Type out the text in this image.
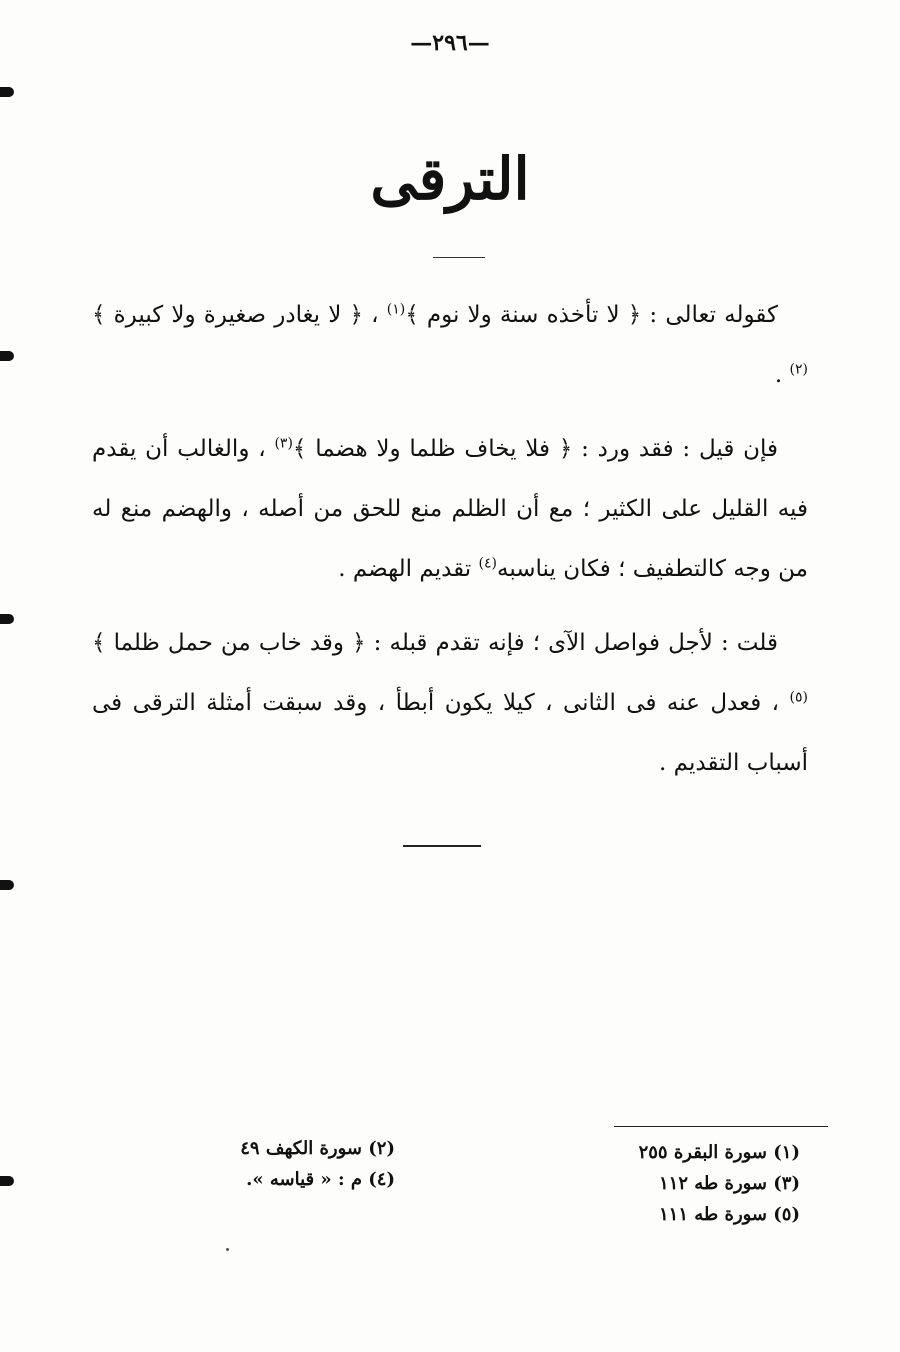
—٢٩٦—
الترقى

كقوله تعالى : ﴿ لا تأخذه سنة ولا نوم ﴾$^{(١)}$ ، ﴿ لا يغادر صغيرة ولا كبيرة ﴾$^{(٢)}$ .

فإن قيل : فقد ورد : ﴿ فلا يخاف ظلما ولا هضما ﴾$^{(٣)}$ ، والغالب أن يقدم فيه القليل على الكثير ؛ مع أن الظلم منع للحق من أصله ، والهضم منع له من وجه كالتطفيف ؛ فكان يناسبه$^{(٤)}$ تقديم الهضم .

قلت : لأجل فواصل الآى ؛ فإنه تقدم قبله : ﴿ وقد خاب من حمل ظلما ﴾$^{(٥)}$ ، فعدل عنه فى الثانى ، كيلا يكون أبطأ ، وقد سبقت أمثلة الترقى فى أسباب التقديم .

(١) سورة البقرة ٢٥٥
(٣) سورة طه ١١٢
(٥) سورة طه ١١١
(٢) سورة الكهف ٤٩
(٤) م : « قياسه ».
